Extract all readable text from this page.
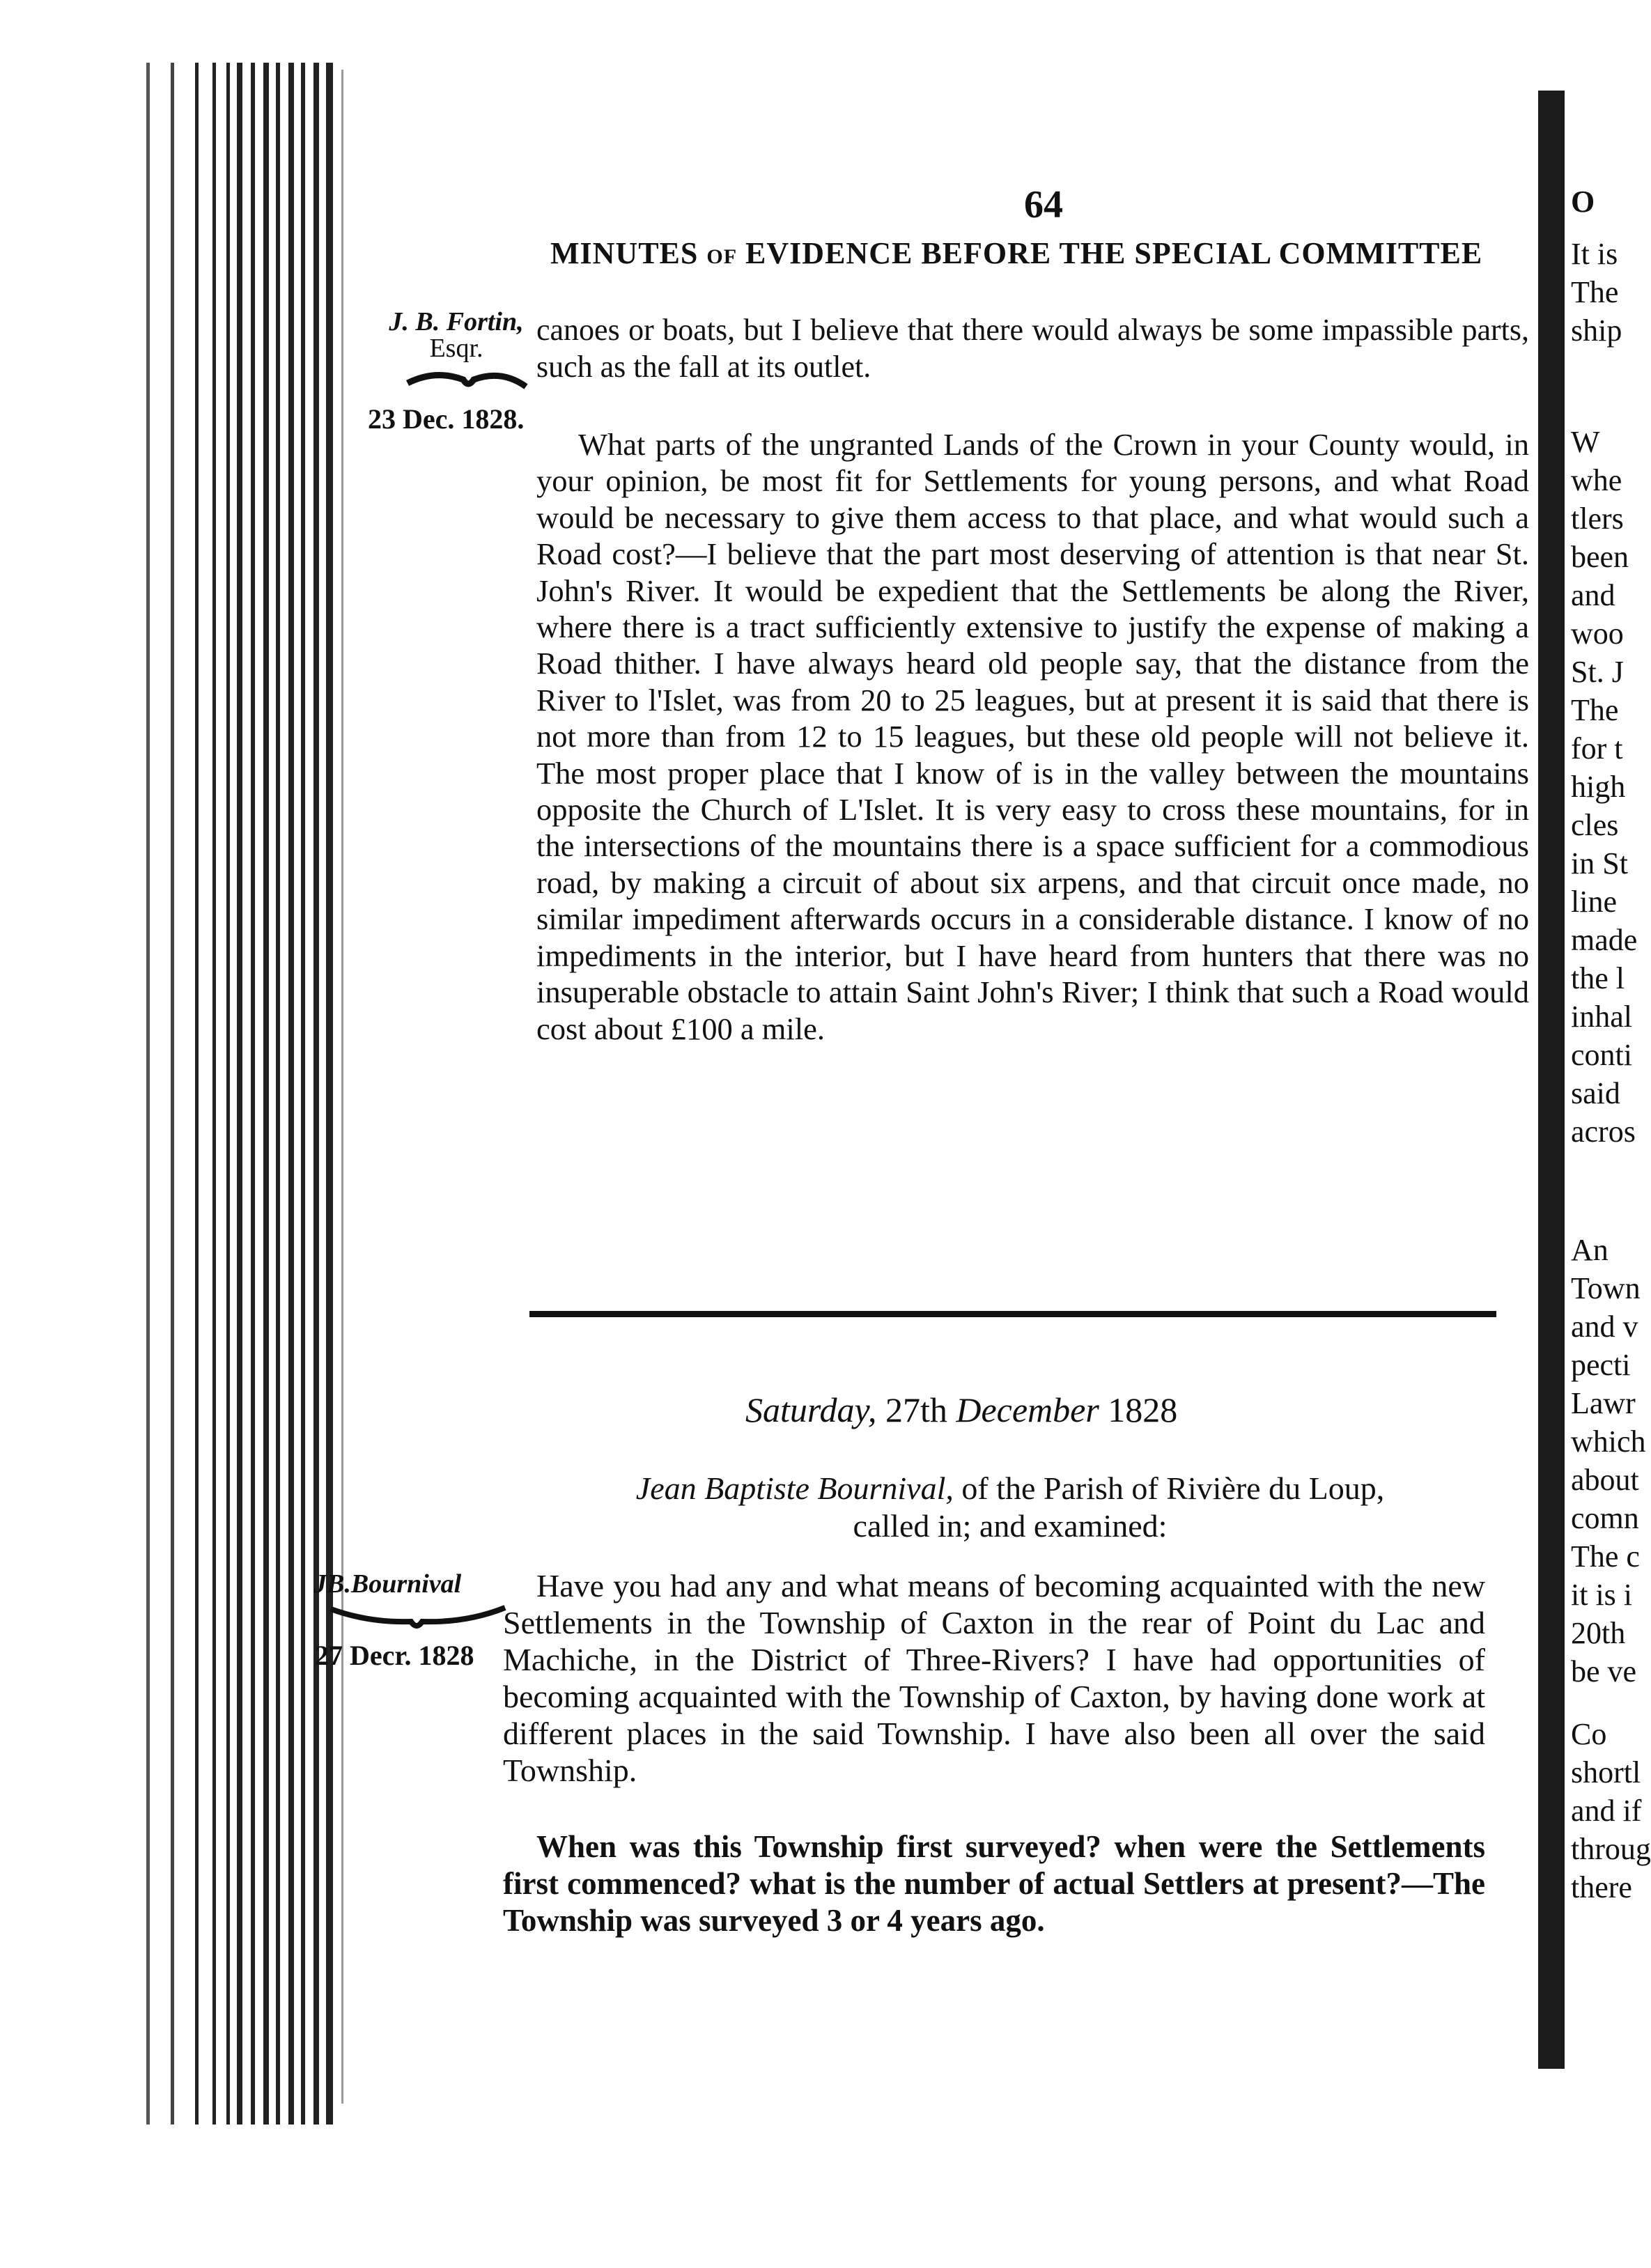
64
MINUTES OF EVIDENCE BEFORE THE SPECIAL COMMITTEE
J. B. Fortin,
Esqr.
23 Dec. 1828.
canoes or boats, but I believe that there would always be some impassible parts, such as the fall at its outlet.
What parts of the ungranted Lands of the Crown in your County would, in your opinion, be most fit for Settlements for young persons, and what Road would be necessary to give them access to that place, and what would such a Road cost?—I believe that the part most deserving of attention is that near St. John's River. It would be expedient that the Settlements be along the River, where there is a tract sufficiently extensive to justify the expense of making a Road thither. I have always heard old people say, that the distance from the River to l'Islet, was from 20 to 25 leagues, but at present it is said that there is not more than from 12 to 15 leagues, but these old people will not believe it. The most proper place that I know of is in the valley between the mountains opposite the Church of L'Islet. It is very easy to cross these mountains, for in the intersections of the mountains there is a space sufficient for a commodious road, by making a circuit of about six arpens, and that circuit once made, no similar impediment afterwards occurs in a considerable distance. I know of no impediments in the interior, but I have heard from hunters that there was no insuperable obstacle to attain Saint John's River; I think that such a Road would cost about £100 a mile.
Saturday, 27th December 1828
Jean Baptiste Bournival, of the Parish of Rivière du Loup,
called in; and examined:
JB.Bournival
27 Decr. 1828
Have you had any and what means of becoming acquainted with the new Settlements in the Township of Caxton in the rear of Point du Lac and Machiche, in the District of Three-Rivers? I have had opportunities of becoming acquainted with the Township of Caxton, by having done work at different places in the said Township. I have also been all over the said Township.
When was this Township first surveyed? when were the Settlements first commenced? what is the number of actual Settlers at present?—The Township was surveyed 3 or 4 years ago.
O
It is
The
ship
W
whe
tlers
been
and
woo
St. J
The
for t
high
cles
in St
line
made
the l
inhal
conti
said
acros
An
Town
and v
pecti
Lawr
which
about
comn
The c
it is i
20th
be ve
Co
shortl
and if
throug
there
